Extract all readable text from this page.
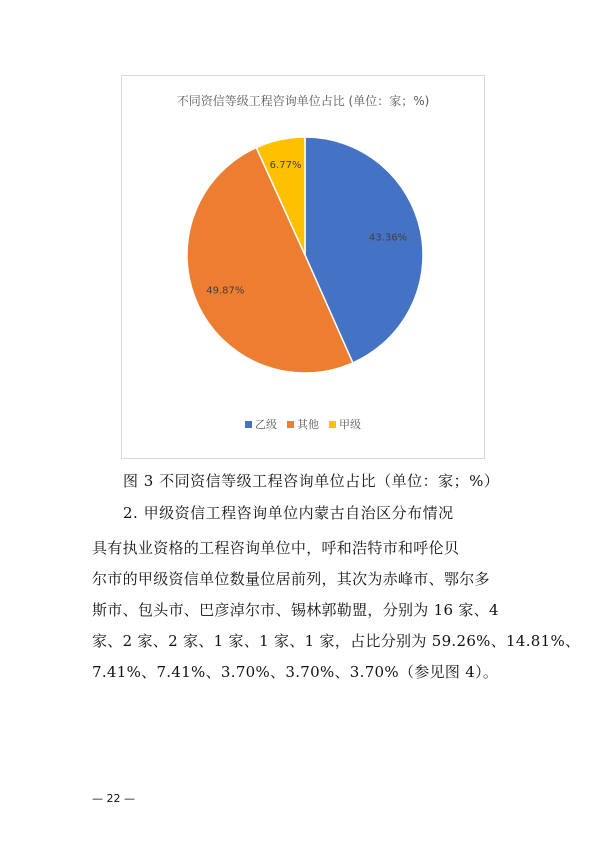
不同资信等级工程咨询单位占比 (单位：家；%)
43.36%
49.87%
6.77%
乙级 其他 甲级
图 3 不同资信等级工程咨询单位占比（单位：家；%）
2. 甲级资信工程咨询单位内蒙古自治区分布情况

具有执业资格的工程咨询单位中，呼和浩特市和呼伦贝

尔市的甲级资信单位数量位居前列，其次为赤峰市、鄂尔多

斯市、包头市、巴彦淖尔市、锡林郭勒盟，分别为 16 家、4

家、2 家、2 家、1 家、1 家、1 家，占比分别为 59.26%、14.81%、

7.41%、7.41%、3.70%、3.70%、3.70%（参见图 4）。

— 22 —
